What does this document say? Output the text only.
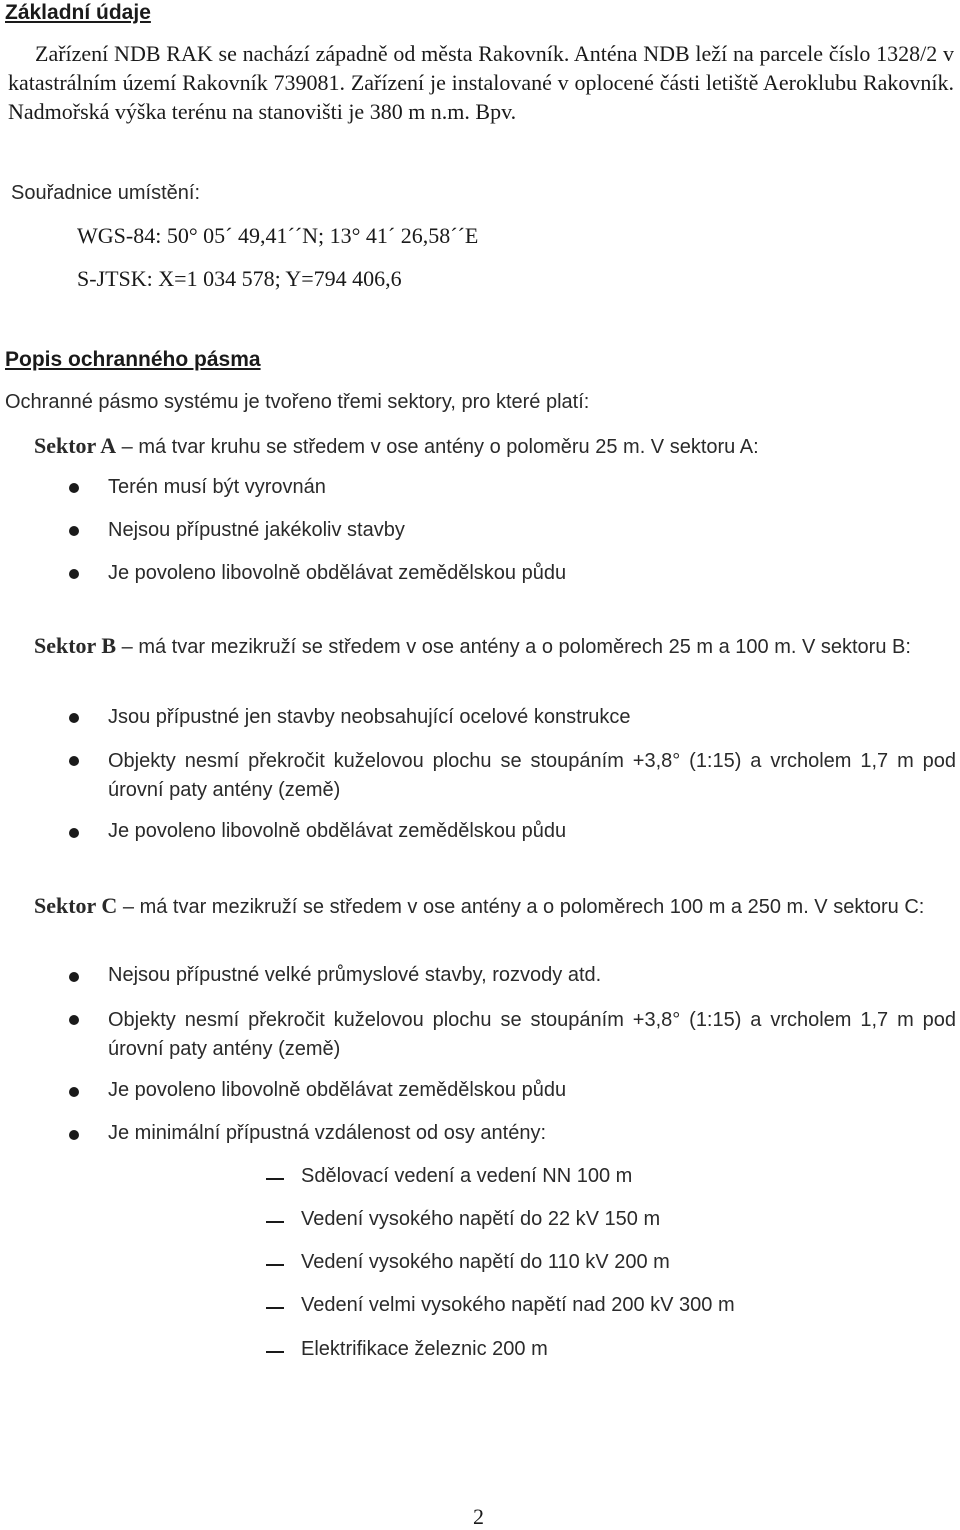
Základní údaje
Zařízení NDB RAK se nachází západně od města Rakovník. Anténa NDB leží na parcele číslo 1328/2 v katastrálním území Rakovník 739081. Zařízení je instalované v oplocené části letiště Aeroklubu Rakovník. Nadmořská výška terénu na stanovišti je 380 m n.m. Bpv.
Souřadnice umístění:
WGS-84: 50° 05´ 49,41´´N; 13° 41´ 26,58´´E
S-JTSK: X=1 034 578; Y=794 406,6
Popis ochranného pásma
Ochranné pásmo systému je tvořeno třemi sektory, pro které platí:
Sektor A – má tvar kruhu se středem v ose antény o poloměru 25 m. V sektoru A:
Terén musí být vyrovnán
Nejsou přípustné jakékoliv stavby
Je povoleno libovolně obdělávat zemědělskou půdu
Sektor B – má tvar mezikruží se středem v ose antény a o poloměrech 25 m a 100 m. V sektoru B:
Jsou přípustné jen stavby neobsahující ocelové konstrukce
Objekty nesmí překročit kuželovou plochu se stoupáním +3,8° (1:15) a vrcholem 1,7 m pod úrovní paty antény (země)
Je povoleno libovolně obdělávat zemědělskou půdu
Sektor C – má tvar mezikruží se středem v ose antény a o poloměrech 100 m a 250 m. V sektoru C:
Nejsou přípustné velké průmyslové stavby, rozvody atd.
Objekty nesmí překročit kuželovou plochu se stoupáním +3,8° (1:15) a vrcholem 1,7 m pod úrovní paty antény (země)
Je povoleno libovolně obdělávat zemědělskou půdu
Je minimální přípustná vzdálenost od osy antény:
Sdělovací vedení a vedení NN 100 m
Vedení vysokého napětí do 22 kV 150 m
Vedení vysokého napětí do 110 kV 200 m
Vedení velmi vysokého napětí nad 200 kV 300 m
Elektrifikace železnic 200 m
2
